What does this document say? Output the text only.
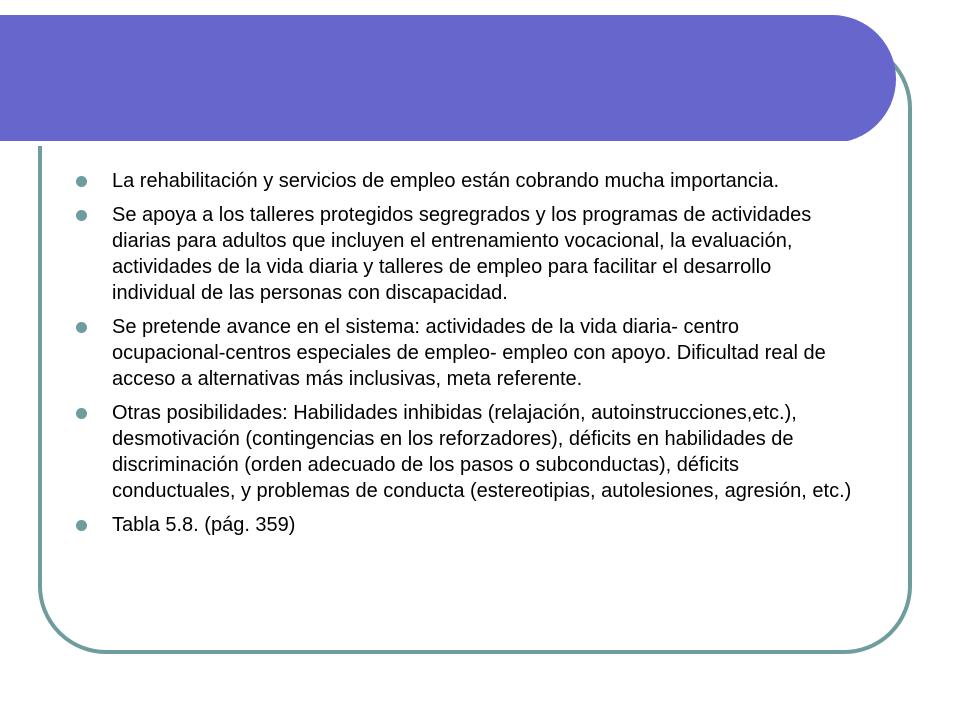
La rehabilitación y servicios de empleo están cobrando mucha importancia.
Se apoya a los talleres protegidos segregrados y los programas de actividades diarias para adultos que incluyen el entrenamiento vocacional, la evaluación, actividades de la vida diaria y talleres de empleo para facilitar el desarrollo individual de las personas con discapacidad.
Se pretende avance en el sistema: actividades de la vida diaria- centro ocupacional-centros especiales de empleo- empleo con apoyo. Dificultad real de acceso a alternativas más inclusivas, meta referente.
Otras posibilidades: Habilidades inhibidas (relajación, autoinstrucciones,etc.), desmotivación (contingencias en los reforzadores), déficits en habilidades de discriminación (orden adecuado de los pasos o subconductas), déficits conductuales, y problemas de conducta (estereotipias, autolesiones, agresión, etc.)
Tabla 5.8. (pág. 359)
